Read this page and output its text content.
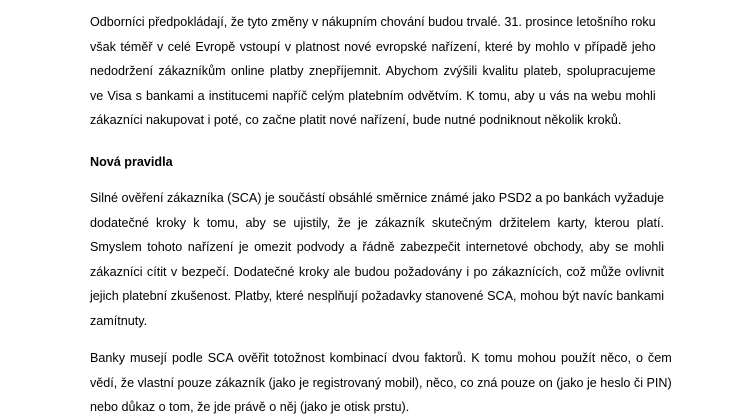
Odborníci předpokládají, že tyto změny v nákupním chování budou trvalé. 31. prosince letošního roku
však téměř v celé Evropě vstoupí v platnost nové evropské nařízení, které by mohlo v případě jeho
nedodržení zákazníkům online platby znepříjemnit. Abychom zvýšili kvalitu plateb, spolupracujeme
ve Visa s bankami a institucemi napříč celým platebním odvětvím. K tomu, aby u vás na webu mohli
zákazníci nakupovat i poté, co začne platit nové nařízení, bude nutné podniknout několik kroků.
Nová pravidla
Silné ověření zákazníka (SCA) je součástí obsáhlé směrnice známé jako PSD2 a po bankách vyžaduje
dodatečné kroky k tomu, aby se ujistily, že je zákazník skutečným držitelem karty, kterou platí.
Smyslem tohoto nařízení je omezit podvody a řádně zabezpečit internetové obchody, aby se mohli
zákazníci cítit v bezpečí. Dodatečné kroky ale budou požadovány i po zákaznících, což může ovlivnit
jejich platební zkušenost. Platby, které nesplňují požadavky stanovené SCA, mohou být navíc bankami
zamítnuty.
Banky musejí podle SCA ověřit totožnost kombinací dvou faktorů. K tomu mohou použít něco, o čem
vědí, že vlastní pouze zákazník (jako je registrovaný mobil), něco, co zná pouze on (jako je heslo či PIN)
nebo důkaz o tom, že jde právě o něj (jako je otisk prstu).
